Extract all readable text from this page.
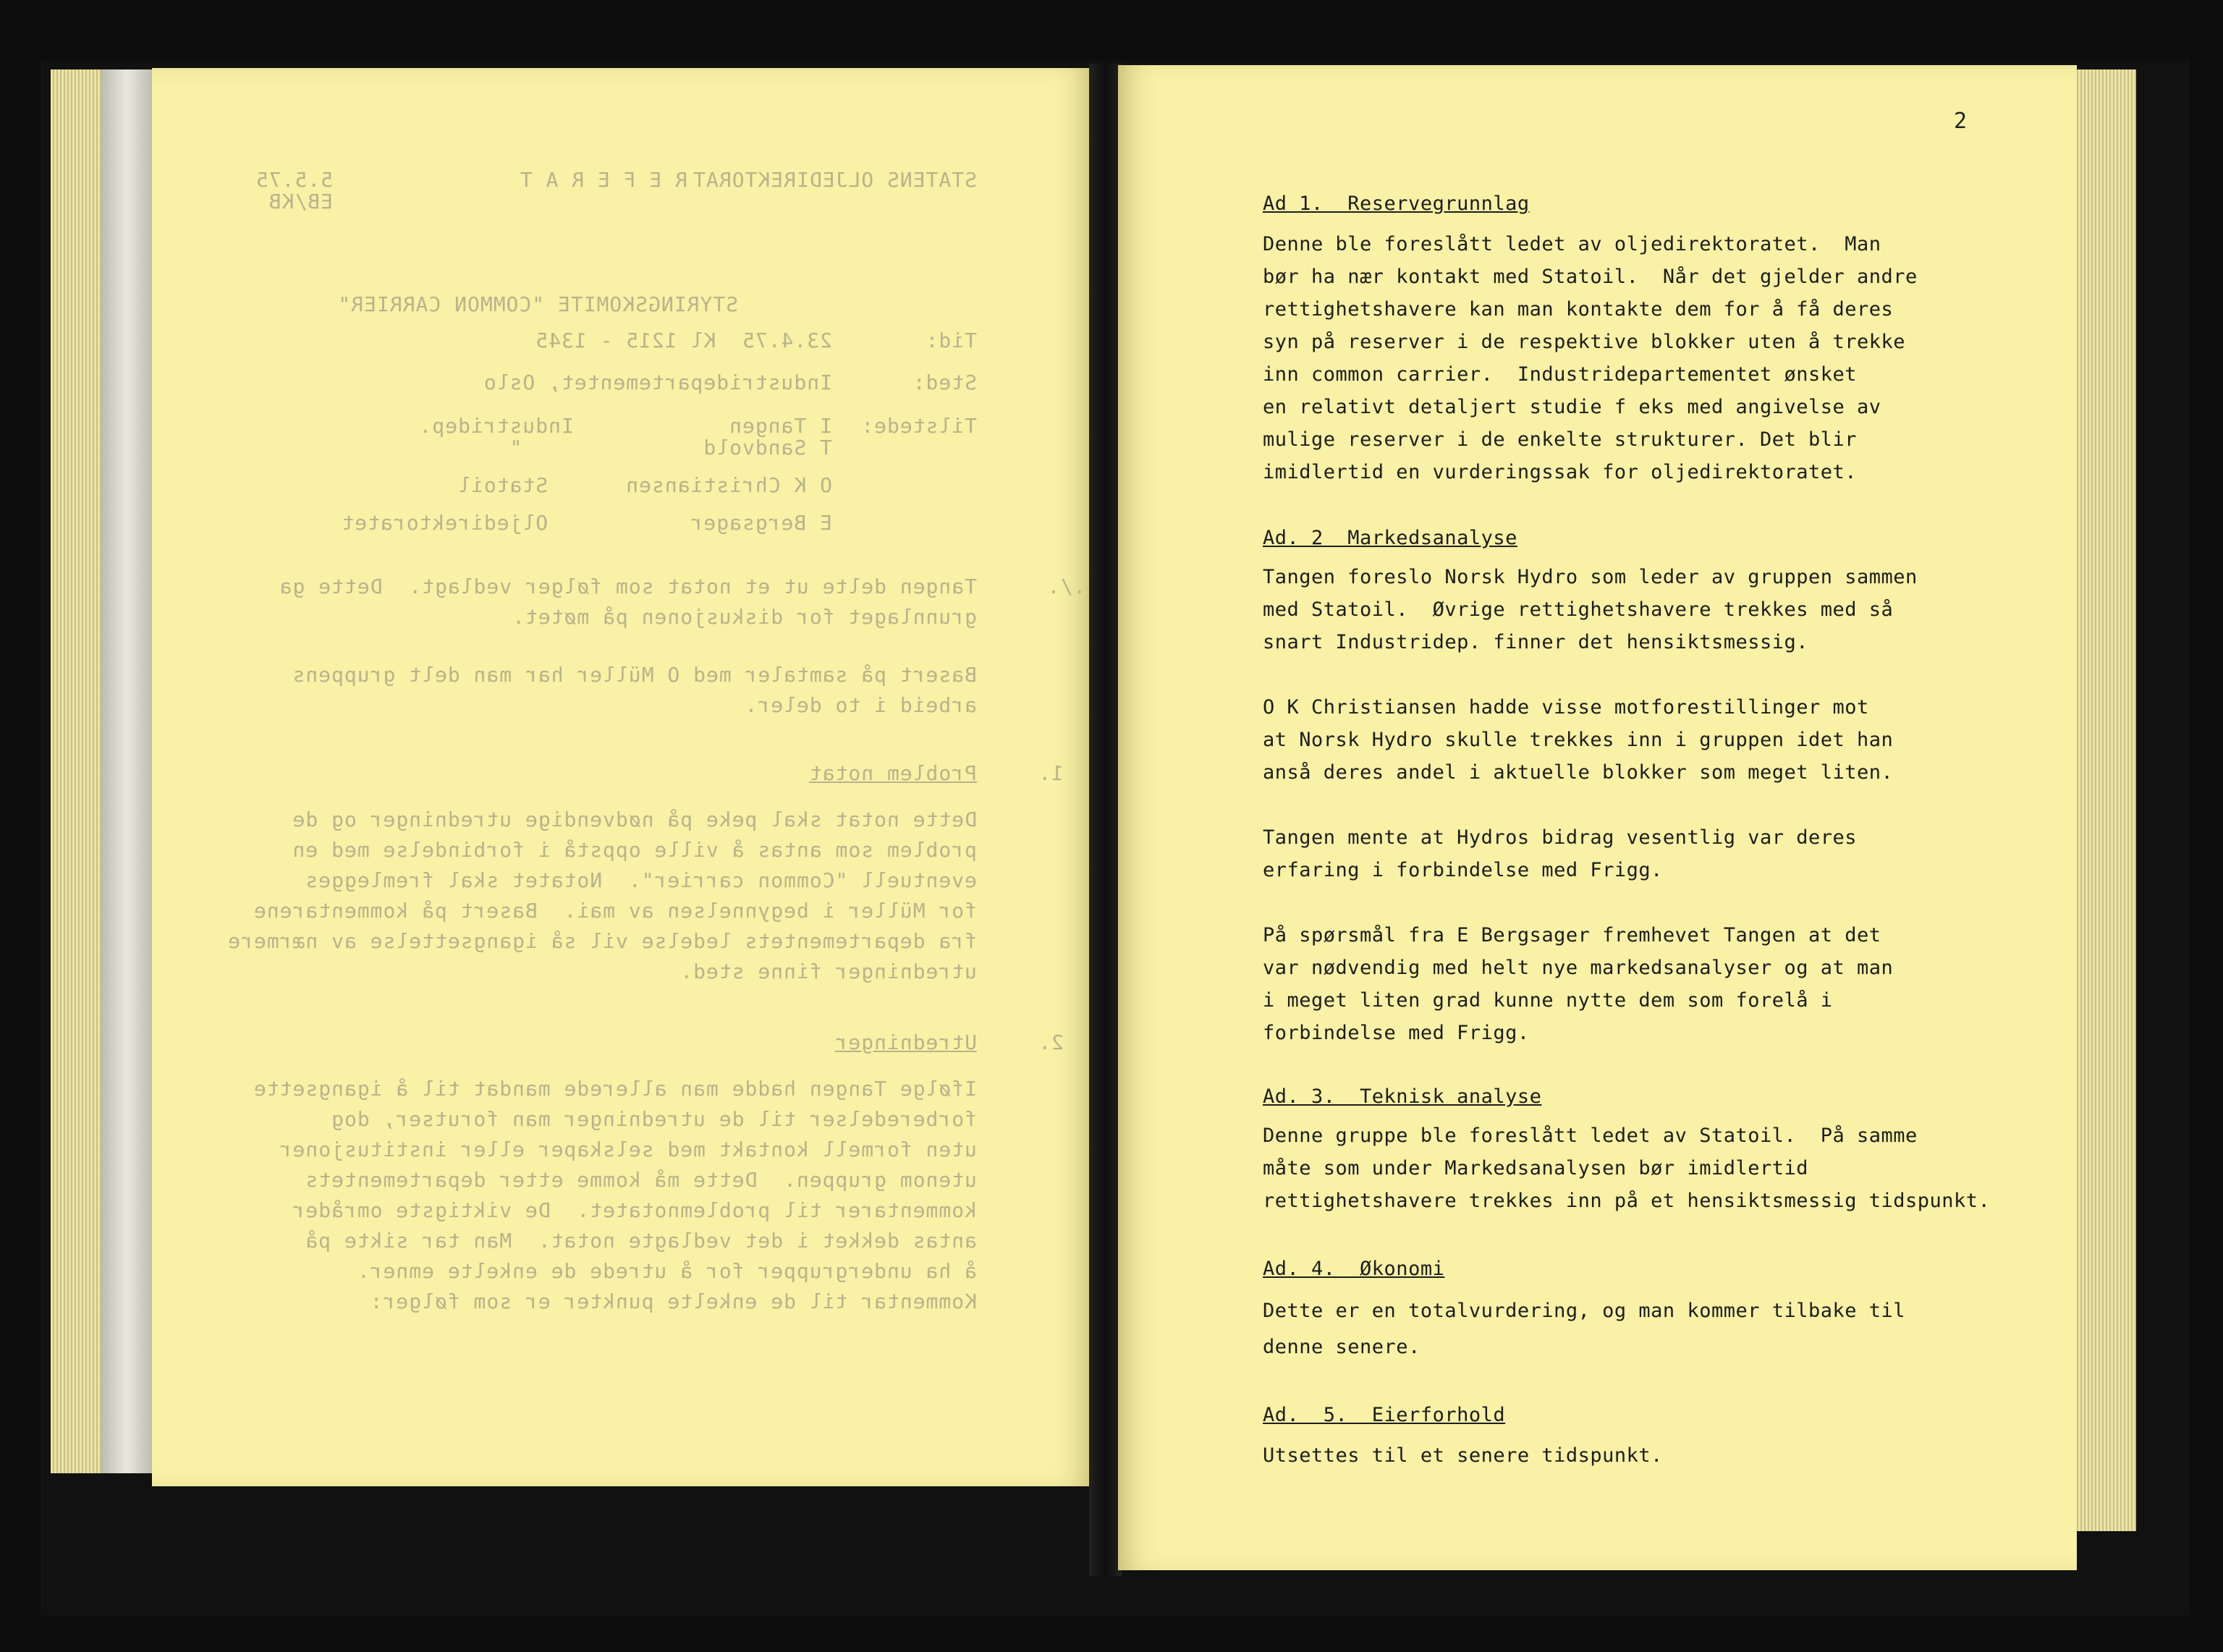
STATENS OLJEDIREKTORAT
R E F E R A T
5.5.75
EB/KB
STYRINGSKOMITE "COMMON CARRIER"
Tid:
23.4.75  Kl 1215 - 1345
Sted:
Industridepartementet, Oslo
Tilstede:
I Tangen            Industridep.
T Sandvold              "
O K Christiansen      Statoil
E Bergsager           Oljedirektoratet
./.
Tangen delte ut et notat som følger vedlagt.  Dette ga
grunnlaget for diskusjonen på møtet.
Basert på samtaler med O Müller har man delt gruppens
arbeid i to deler.
1.
Problem notat
Dette notat skal peke på nødvendige utredninger og de
problem som antas å ville oppstå i forbindelse med en
eventuell "Common carrier".  Notatet skal fremlegges
for Müller i begynnelsen av mai.  Basert på kommentarene
fra departementets ledelse vil så igangsettelse av nærmere
utredninger finne sted.
2.
Utredninger
Ifølge Tangen hadde man allerede mandat til å igangsette
forberedelser til de utredninger man forutser, dog
uten formell kontakt med selskaper eller institusjoner
utenom gruppen.  Dette må komme etter departementets
kommentarer til problemnotatet.  De viktigste områder
antas dekket i det vedlagte notat.  Man tar sikte på
å ha undergrupper for å utrede de enkelte emner.
Kommentar til de enkelte punkter er som følger:
2
Ad 1.  Reservegrunnlag
Denne ble foreslått ledet av oljedirektoratet.  Man
bør ha nær kontakt med Statoil.  Når det gjelder andre
rettighetshavere kan man kontakte dem for å få deres
syn på reserver i de respektive blokker uten å trekke
inn common carrier.  Industridepartementet ønsket
en relativt detaljert studie f eks med angivelse av
mulige reserver i de enkelte strukturer. Det blir
imidlertid en vurderingssak for oljedirektoratet.
Ad. 2  Markedsanalyse
Tangen foreslo Norsk Hydro som leder av gruppen sammen
med Statoil.  Øvrige rettighetshavere trekkes med så
snart Industridep. finner det hensiktsmessig.
O K Christiansen hadde visse motforestillinger mot
at Norsk Hydro skulle trekkes inn i gruppen idet han
anså deres andel i aktuelle blokker som meget liten.
Tangen mente at Hydros bidrag vesentlig var deres
erfaring i forbindelse med Frigg.
På spørsmål fra E Bergsager fremhevet Tangen at det
var nødvendig med helt nye markedsanalyser og at man
i meget liten grad kunne nytte dem som forelå i
forbindelse med Frigg.
Ad. 3.  Teknisk analyse
Denne gruppe ble foreslått ledet av Statoil.  På samme
måte som under Markedsanalysen bør imidlertid
rettighetshavere trekkes inn på et hensiktsmessig tidspunkt.
Ad. 4.  Økonomi
Dette er en totalvurdering, og man kommer tilbake til
denne senere.
Ad.  5.  Eierforhold
Utsettes til et senere tidspunkt.
